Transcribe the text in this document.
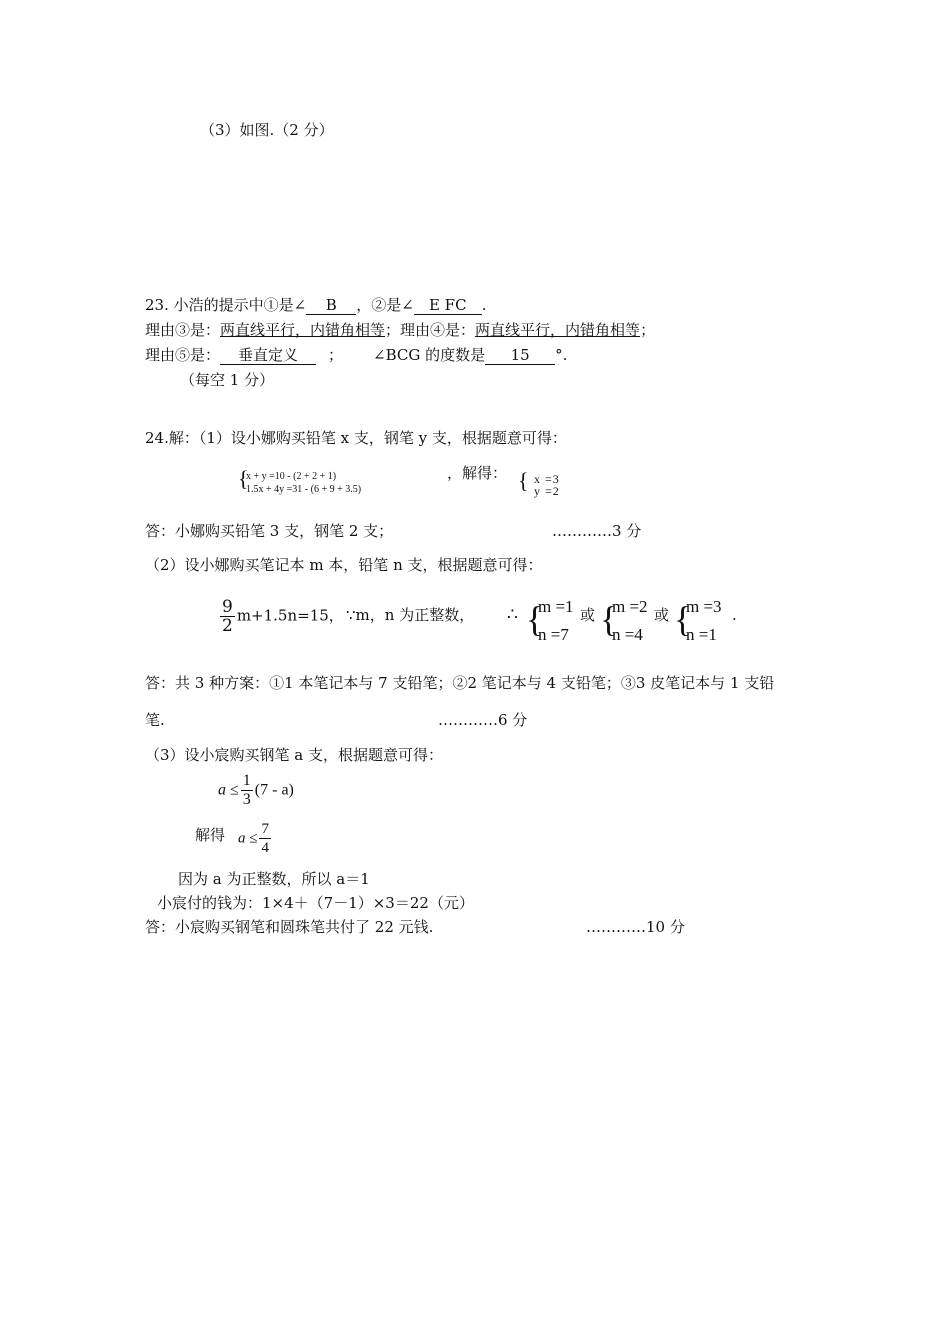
（3）如图.（2 分）
23. 小浩的提示中①是∠ B ，②是∠ E FC .
理由③是：两直线平行，内错角相等；理由④是：两直线平行，内错角相等；
理由⑤是： 垂直定义 ； ∠BCG 的度数是 15 °.
（每空 1 分）
24.解：（1）设小娜购买铅笔 x 支，钢笔 y 支，根据题意可得：
{
x + y =10 - (2 + 2 + 1)
1.5x + 4y =31 - (6 + 9 + 3.5)
，解得： { x =3
y =2
答：小娜购买铅笔 3 支，钢笔 2 支；	…………3 分
（2）设小娜购买笔记本 m 本，铅笔 n 支，根据题意可得：
$\frac{9}{2} m+1.5n=15$， ∵m，n 为正整数， ∴ {
m =1
n =7
或 {
m =2
n =4
或 {
m =3
n =1
.
答：共 3 种方案：①1 本笔记本与 7 支铅笔；②2 笔记本与 4 支铅笔；③3 皮笔记本与 1 支铅
笔.	…………6 分
（3）设小宸购买钢笔 a 支，根据题意可得：
$a \le \frac{1}{3} (7 - a)$
解得 $a \le \frac{7}{4}$
因为 a 为正整数，所以 a＝1
小宸付的钱为：1×4＋（7－1）×3＝22（元）
答：小宸购买钢笔和圆珠笔共付了 22 元钱.	…………10 分
